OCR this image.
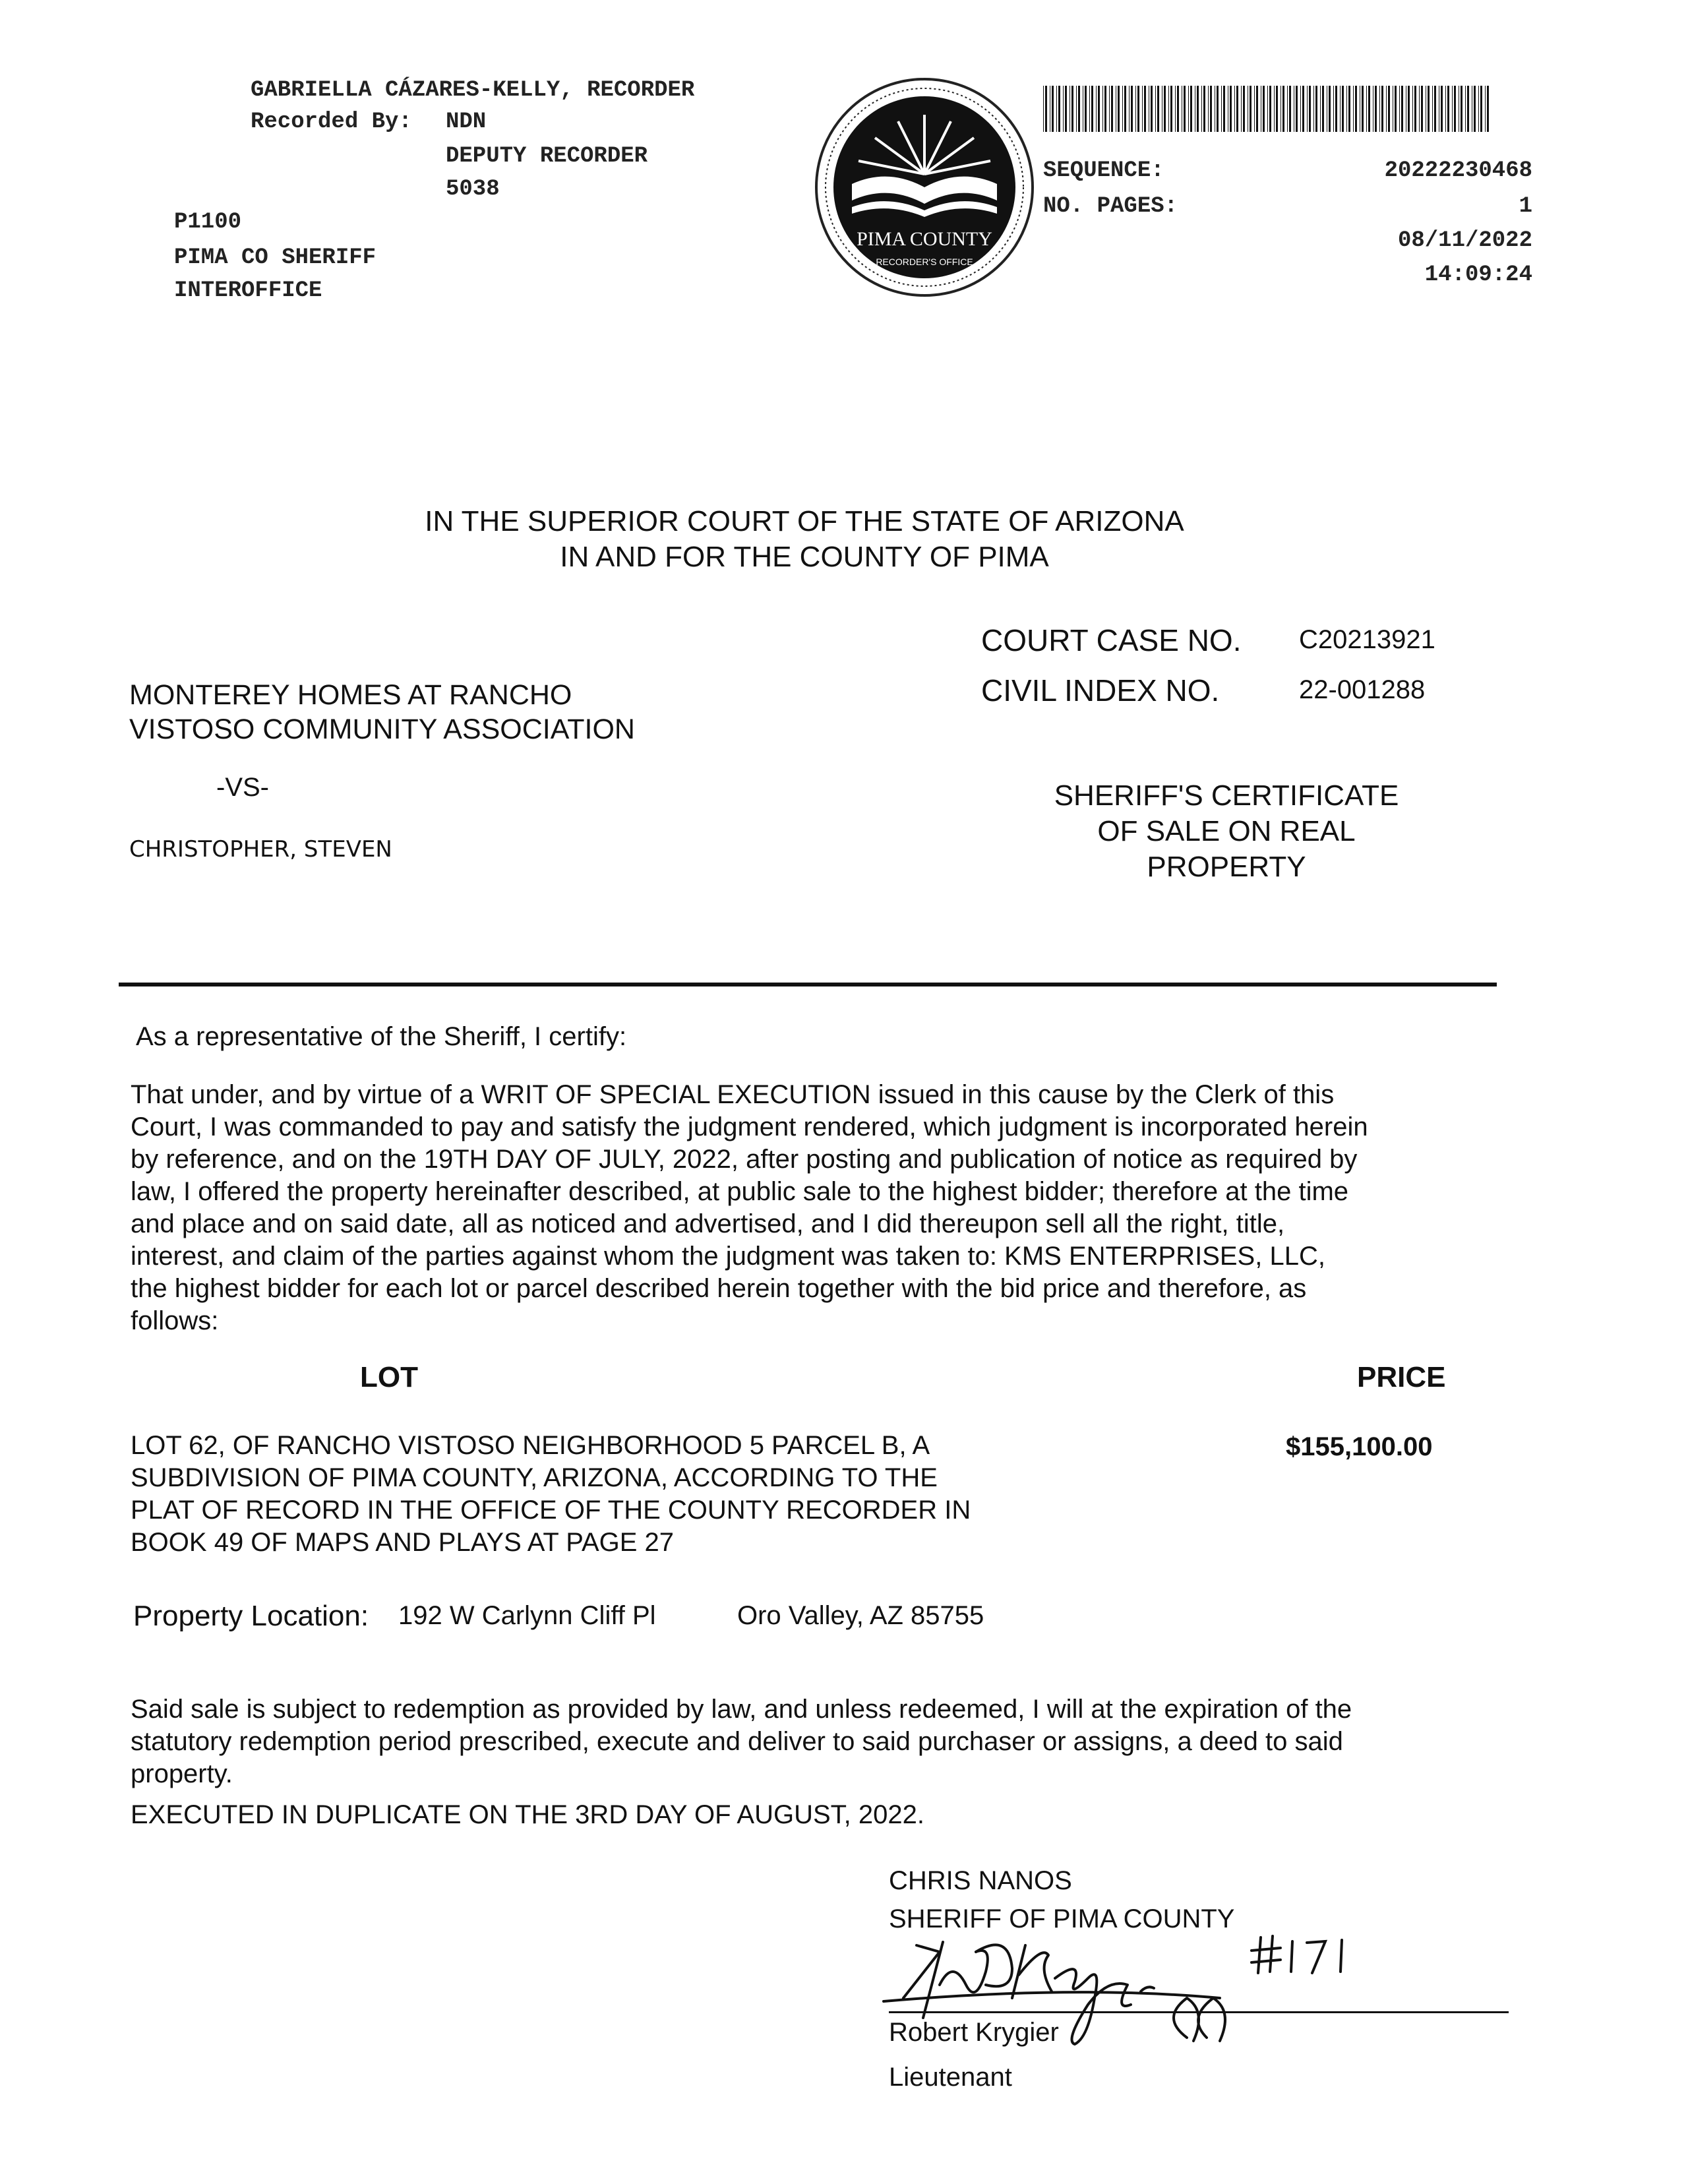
GABRIELLA CÁZARES-KELLY, RECORDER
Recorded By: NDN
DEPUTY RECORDER
5038
P1100
PIMA CO SHERIFF
INTEROFFICE
PIMA COUNTY
RECORDER'S OFFICE
SEQUENCE:	20222230468
NO. PAGES:	1
08/11/2022
14:09:24
IN THE SUPERIOR COURT OF THE STATE OF ARIZONA
IN AND FOR THE COUNTY OF PIMA
COURT CASE NO. C20213921
CIVIL INDEX NO.	22-001288
MONTEREY HOMES AT RANCHO
VISTOSO COMMUNITY ASSOCIATION
-VS-
CHRISTOPHER, STEVEN
SHERIFF'S CERTIFICATE
OF SALE ON REAL
PROPERTY
As a representative of the Sheriff, I certify:
That under, and by virtue of a WRIT OF SPECIAL EXECUTION issued in this cause by the Clerk of this
Court, I was commanded to pay and satisfy the judgment rendered, which judgment is incorporated herein
by reference, and on the 19TH DAY OF JULY, 2022, after posting and publication of notice as required by
law, I offered the property hereinafter described, at public sale to the highest bidder; therefore at the time
and place and on said date, all as noticed and advertised, and I did thereupon sell all the right, title,
interest, and claim of the parties against whom the judgment was taken to: KMS ENTERPRISES, LLC,
the highest bidder for each lot or parcel described herein together with the bid price and therefore, as
follows:
LOT	PRICE
LOT 62, OF RANCHO VISTOSO NEIGHBORHOOD 5 PARCEL B, A
SUBDIVISION OF PIMA COUNTY, ARIZONA, ACCORDING TO THE
PLAT OF RECORD IN THE OFFICE OF THE COUNTY RECORDER IN
BOOK 49 OF MAPS AND PLAYS AT PAGE 27
$155,100.00
Property Location: 192 W Carlynn Cliff Pl	Oro Valley, AZ 85755
Said sale is subject to redemption as provided by law, and unless redeemed, I will at the expiration of the
statutory redemption period prescribed, execute and deliver to said purchaser or assigns, a deed to said
property.
EXECUTED IN DUPLICATE ON THE 3RD DAY OF AUGUST, 2022.
CHRIS NANOS
SHERIFF OF PIMA COUNTY
Robert Krygier
Lieutenant
